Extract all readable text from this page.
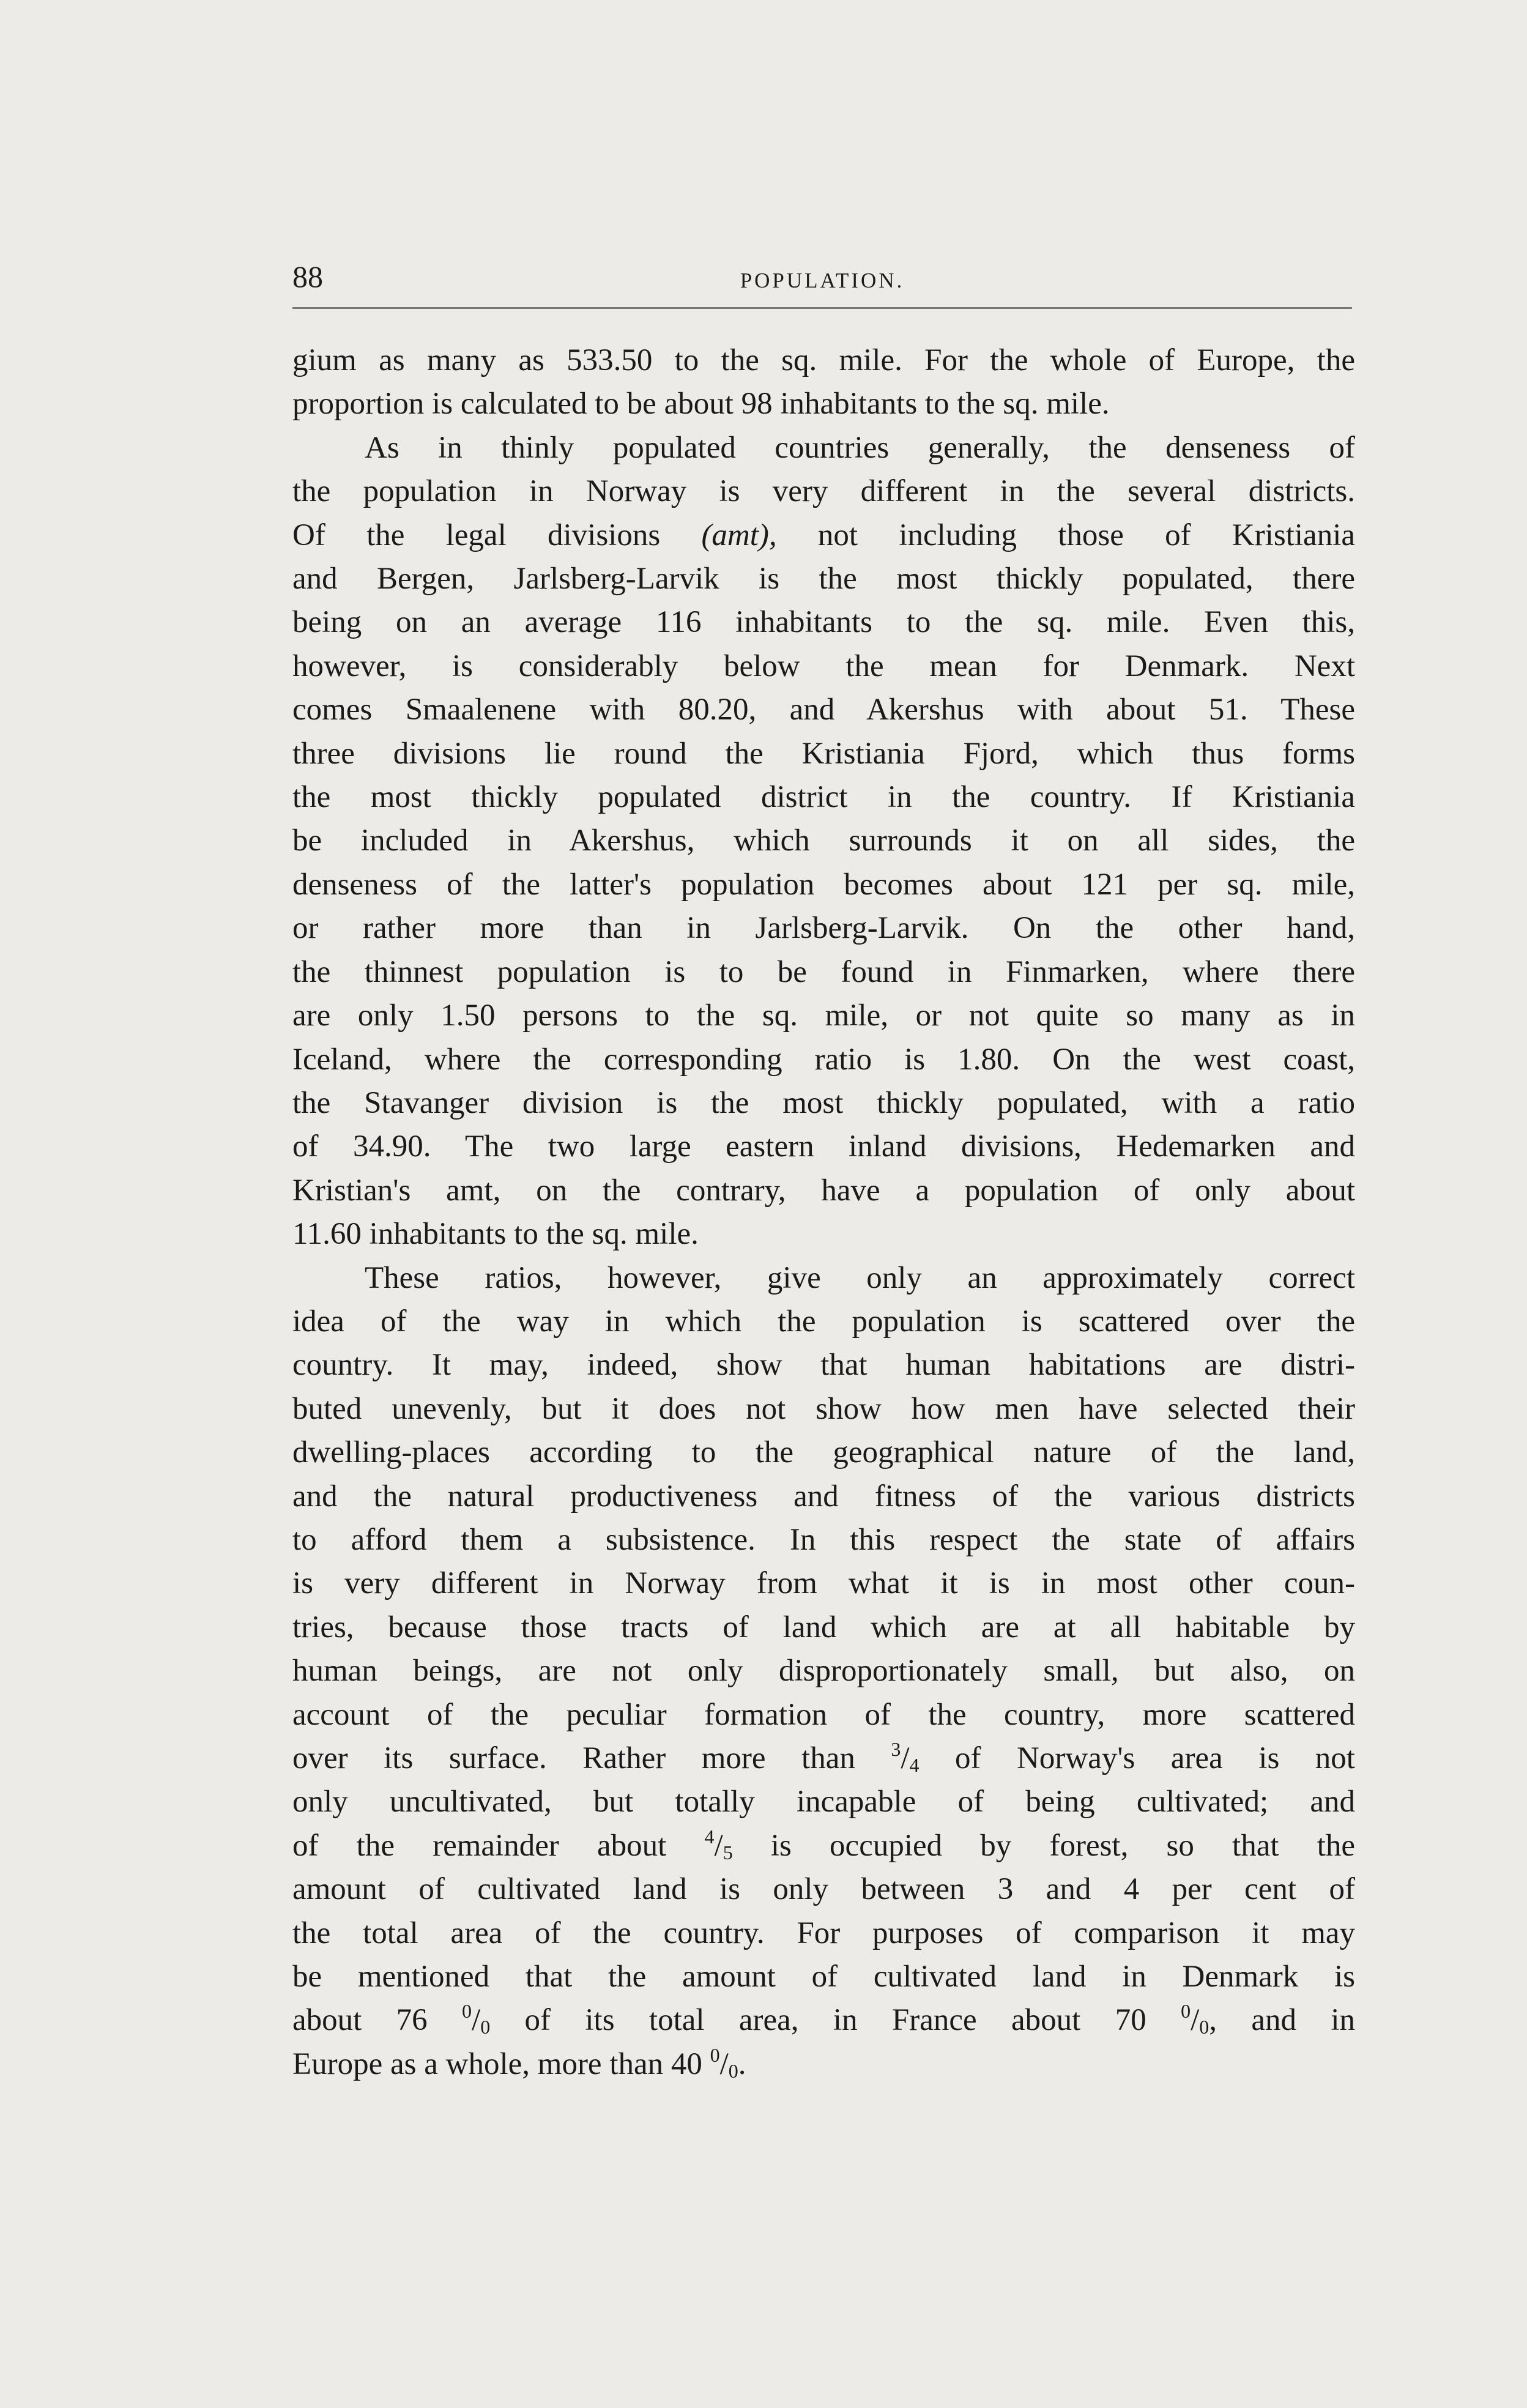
88	POPULATION.
gium as many as 533.50 to the sq. mile. For the whole of Europe, the
proportion is calculated to be about 98 inhabitants to the sq. mile.
As in thinly populated countries generally, the denseness of
the population in Norway is very different in the several districts.
Of the legal divisions (amt), not including those of Kristiania
and Bergen, Jarlsberg-Larvik is the most thickly populated, there
being on an average 116 inhabitants to the sq. mile. Even this,
however, is considerably below the mean for Denmark. Next
comes Smaalenene with 80.20, and Akershus with about 51. These
three divisions lie round the Kristiania Fjord, which thus forms
the most thickly populated district in the country. If Kristiania
be included in Akershus, which surrounds it on all sides, the
denseness of the latter's population becomes about 121 per sq. mile,
or rather more than in Jarlsberg-Larvik. On the other hand,
the thinnest population is to be found in Finmarken, where there
are only 1.50 persons to the sq. mile, or not quite so many as in
Iceland, where the corresponding ratio is 1.80. On the west coast,
the Stavanger division is the most thickly populated, with a ratio
of 34.90. The two large eastern inland divisions, Hedemarken and
Kristian's amt, on the contrary, have a population of only about
11.60 inhabitants to the sq. mile.
These ratios, however, give only an approximately correct
idea of the way in which the population is scattered over the
country. It may, indeed, show that human habitations are distri-
buted unevenly, but it does not show how men have selected their
dwelling-places according to the geographical nature of the land,
and the natural productiveness and fitness of the various districts
to afford them a subsistence. In this respect the state of affairs
is very different in Norway from what it is in most other coun-
tries, because those tracts of land which are at all habitable by
human beings, are not only disproportionately small, but also, on
account of the peculiar formation of the country, more scattered
over its surface. Rather more than $^3/_4$ of Norway's area is not
only uncultivated, but totally incapable of being cultivated; and
of the remainder about $^4/_5$ is occupied by forest, so that the
amount of cultivated land is only between 3 and 4 per cent of
the total area of the country. For purposes of comparison it may
be mentioned that the amount of cultivated land in Denmark is
about 76 $^0/_0$ of its total area, in France about 70 $^0/_0$, and in
Europe as a whole, more than 40 $^0/_0$.
